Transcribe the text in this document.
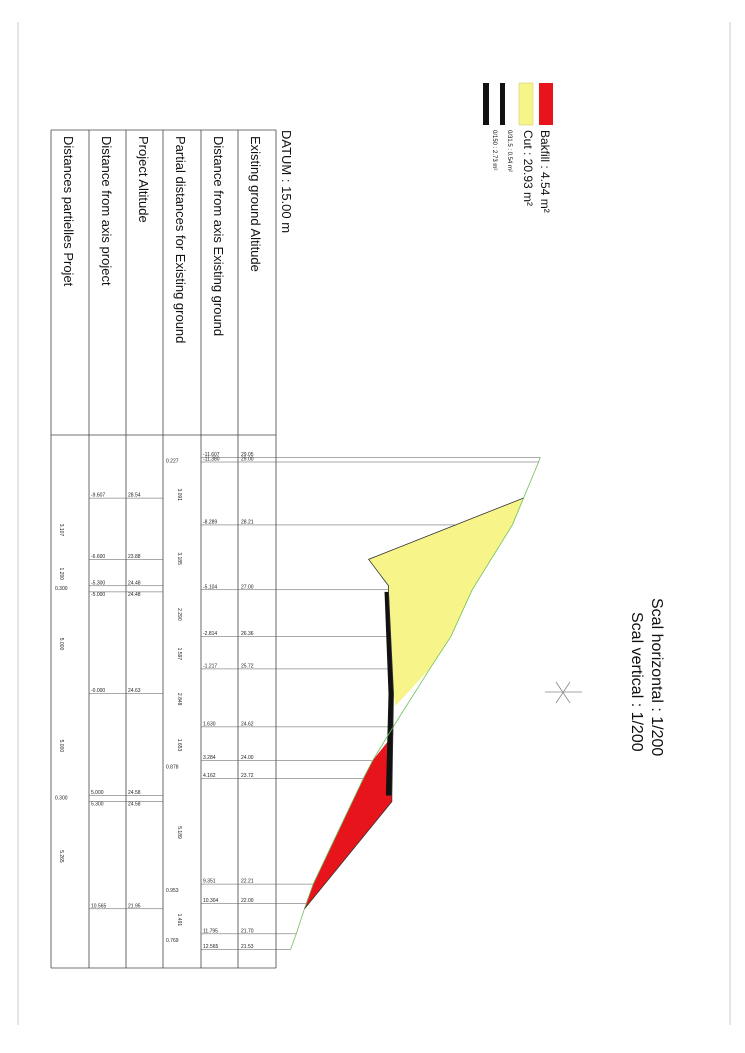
Bakfill : 4.54 m²
Cut : 20.93 m²
0/31.5 : 0.54 m²
0/150 : 2.73 m²
Scal horizontal : 1/200
Scal vertical : 1/200
DATUM : 15.00 m
Existing ground Altitude
Distance from axis Existing ground
Partial distances for Existing ground
Project Altitude
Distance from axis project
Distances partielles Projet
29.05
-11.607
29.00
-11.380
28.21
-8.289
27.00
-5.104
26.36
-2.814
25.72
-1.217
24.62
1.630
24.00
3.284
23.72
4.162
22.21
9.351
22.00
10.304
21.70
11.795
21.53
12.565
0.227
3.091
3.185
2.290
1.597
2.848
1.653
0.878
5.189
0.953
1.491
0.769
28.54
-9.607
23.88
-6.600
24.48
-5.300
24.48
-5.000
24.63
-0.000
24.58
5.000
24.58
5.300
21.95
10.565
3.107
1.200
0.300
5.000
5.000
0.300
5.265
